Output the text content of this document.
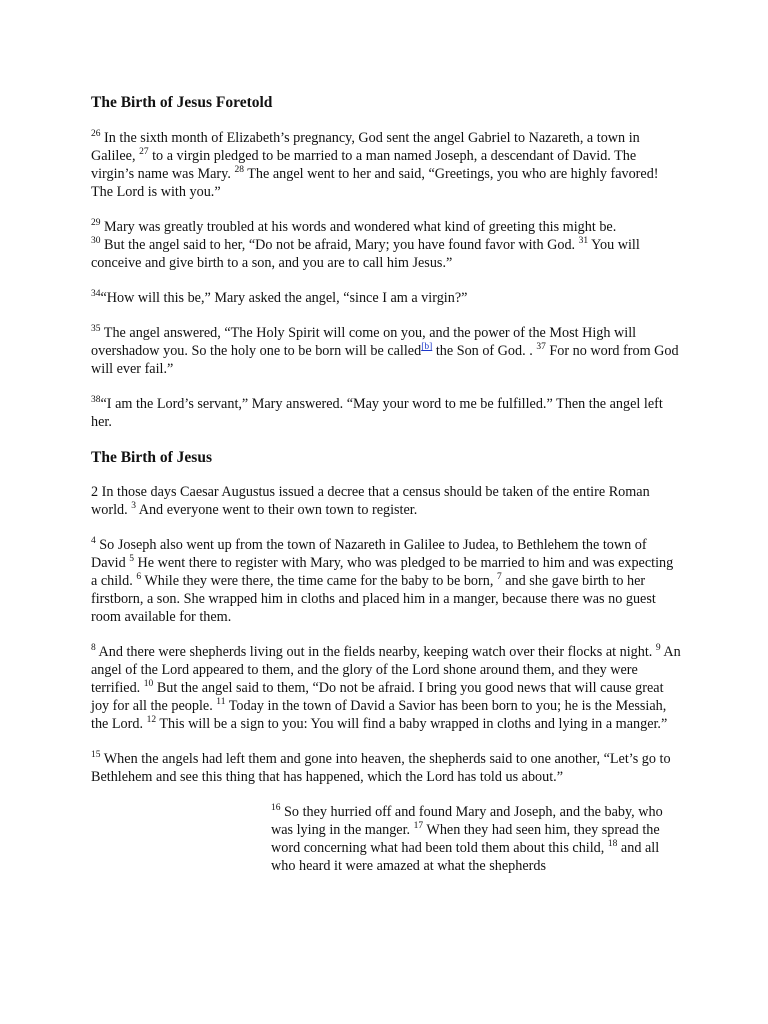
The Birth of Jesus Foretold

$^{26}$ In the sixth month of Elizabeth’s pregnancy, God sent the angel Gabriel to Nazareth, a town in Galilee, $^{27}$ to a virgin pledged to be married to a man named Joseph, a descendant of David. The virgin’s name was Mary. $^{28}$ The angel went to her and said, “Greetings, you who are highly favored! The Lord is with you.”

$^{29}$ Mary was greatly troubled at his words and wondered what kind of greeting this might be.
$^{30}$ But the angel said to her, “Do not be afraid, Mary; you have found favor with God. $^{31}$ You will conceive and give birth to a son, and you are to call him Jesus.”

$^{34}$“How will this be,” Mary asked the angel, “since I am a virgin?”

$^{35}$ The angel answered, “The Holy Spirit will come on you, and the power of the Most High will overshadow you. So the holy one to be born will be called[b] the Son of God. . $^{37}$ For no word from God will ever fail.”

$^{38}$“I am the Lord’s servant,” Mary answered. “May your word to me be fulfilled.” Then the angel left her.

The Birth of Jesus

2 In those days Caesar Augustus issued a decree that a census should be taken of the entire Roman world. $^3$ And everyone went to their own town to register.

$^4$ So Joseph also went up from the town of Nazareth in Galilee to Judea, to Bethlehem the town of David $^5$ He went there to register with Mary, who was pledged to be married to him and was expecting a child. $^6$ While they were there, the time came for the baby to be born, $^7$ and she gave birth to her firstborn, a son. She wrapped him in cloths and placed him in a manger, because there was no guest room available for them.

$^8$ And there were shepherds living out in the fields nearby, keeping watch over their flocks at night. $^9$ An angel of the Lord appeared to them, and the glory of the Lord shone around them, and they were terrified. $^{10}$ But the angel said to them, “Do not be afraid. I bring you good news that will cause great joy for all the people. $^{11}$ Today in the town of David a Savior has been born to you; he is the Messiah, the Lord. $^{12}$ This will be a sign to you: You will find a baby wrapped in cloths and lying in a manger.”

$^{15}$ When the angels had left them and gone into heaven, the shepherds said to one another, “Let’s go to Bethlehem and see this thing that has happened, which the Lord has told us about.”

$^{16}$ So they hurried off and found Mary and Joseph, and the baby, who was lying in the manger. $^{17}$ When they had seen him, they spread the word concerning what had been told them about this child, $^{18}$ and all who heard it were amazed at what the shepherds
